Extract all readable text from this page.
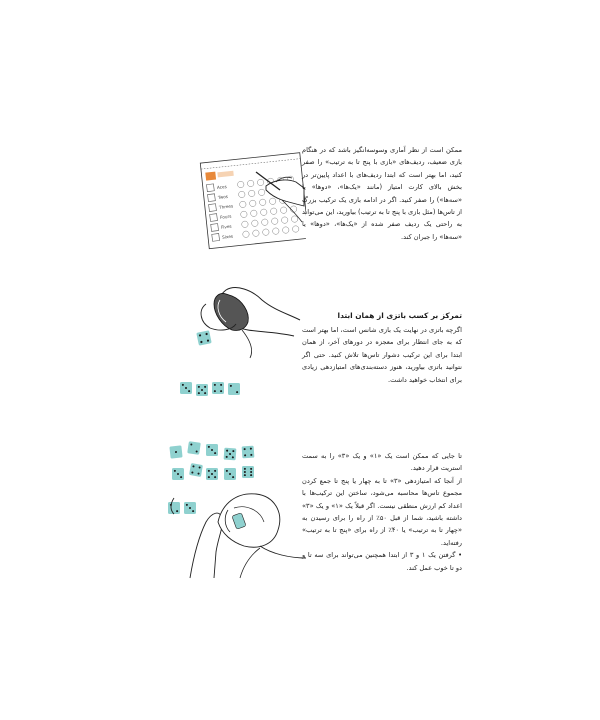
Aces
Twos
Threes
Fours
Fives
Sixes

ممکن است از نظر آماری وسوسه‌انگیز باشد که در هنگام بازی ضعیف، ردیف‌های «بازی با پنج تا به ترتیب» را صفر کنید، اما بهتر است که ابتدا ردیف‌های با اعداد پایین‌تر در بخش بالای کارت امتیاز (مانند «یک‌ها»، «دوها» یا «سه‌ها») را صفر کنید. اگر در ادامه بازی یک ترکیب بزرگ از تاس‌ها (مثل بازی با پنج تا به ترتیب) بیاورید، این می‌تواند به راحتی یک ردیف صفر شده از «یک‌ها»، «دوها» یا «سه‌ها» را جبران کند.

تمرکز بر کسب باتزی از همان ابتدا

اگرچه باتزی در نهایت یک بازی شانس است، اما بهتر است که به جای انتظار برای معجزه در دورهای آخر، از همان ابتدا برای این ترکیب دشوار تاس‌ها تلاش کنید. حتی اگر نتوانید باتزی بیاورید، هنوز دسته‌بندی‌های امتیازدهی زیادی برای انتخاب خواهید داشت.

تا جایی که ممکن است یک «۱» و یک «۳» را به سمت استریت قرار دهید.

از آنجا که امتیازدهی «۳» تا به چهار یا پنج تا جمع کردن مجموع تاس‌ها محاسبه می‌شود، ساختن این ترکیب‌ها با اعداد کم ارزش منطقی نیست. اگر قبلاً یک «۱» و یک «۳» داشته باشید، شما از قبل ۵۰٪ از راه را برای رسیدن به «چهار تا به ترتیب» یا ۴۰٪ از راه برای «پنج تا به ترتیب» رفته‌اید.

• گرفتن یک ۱ و ۳ از ابتدا همچنین می‌تواند برای سه تا و دو تا خوب عمل کند.
